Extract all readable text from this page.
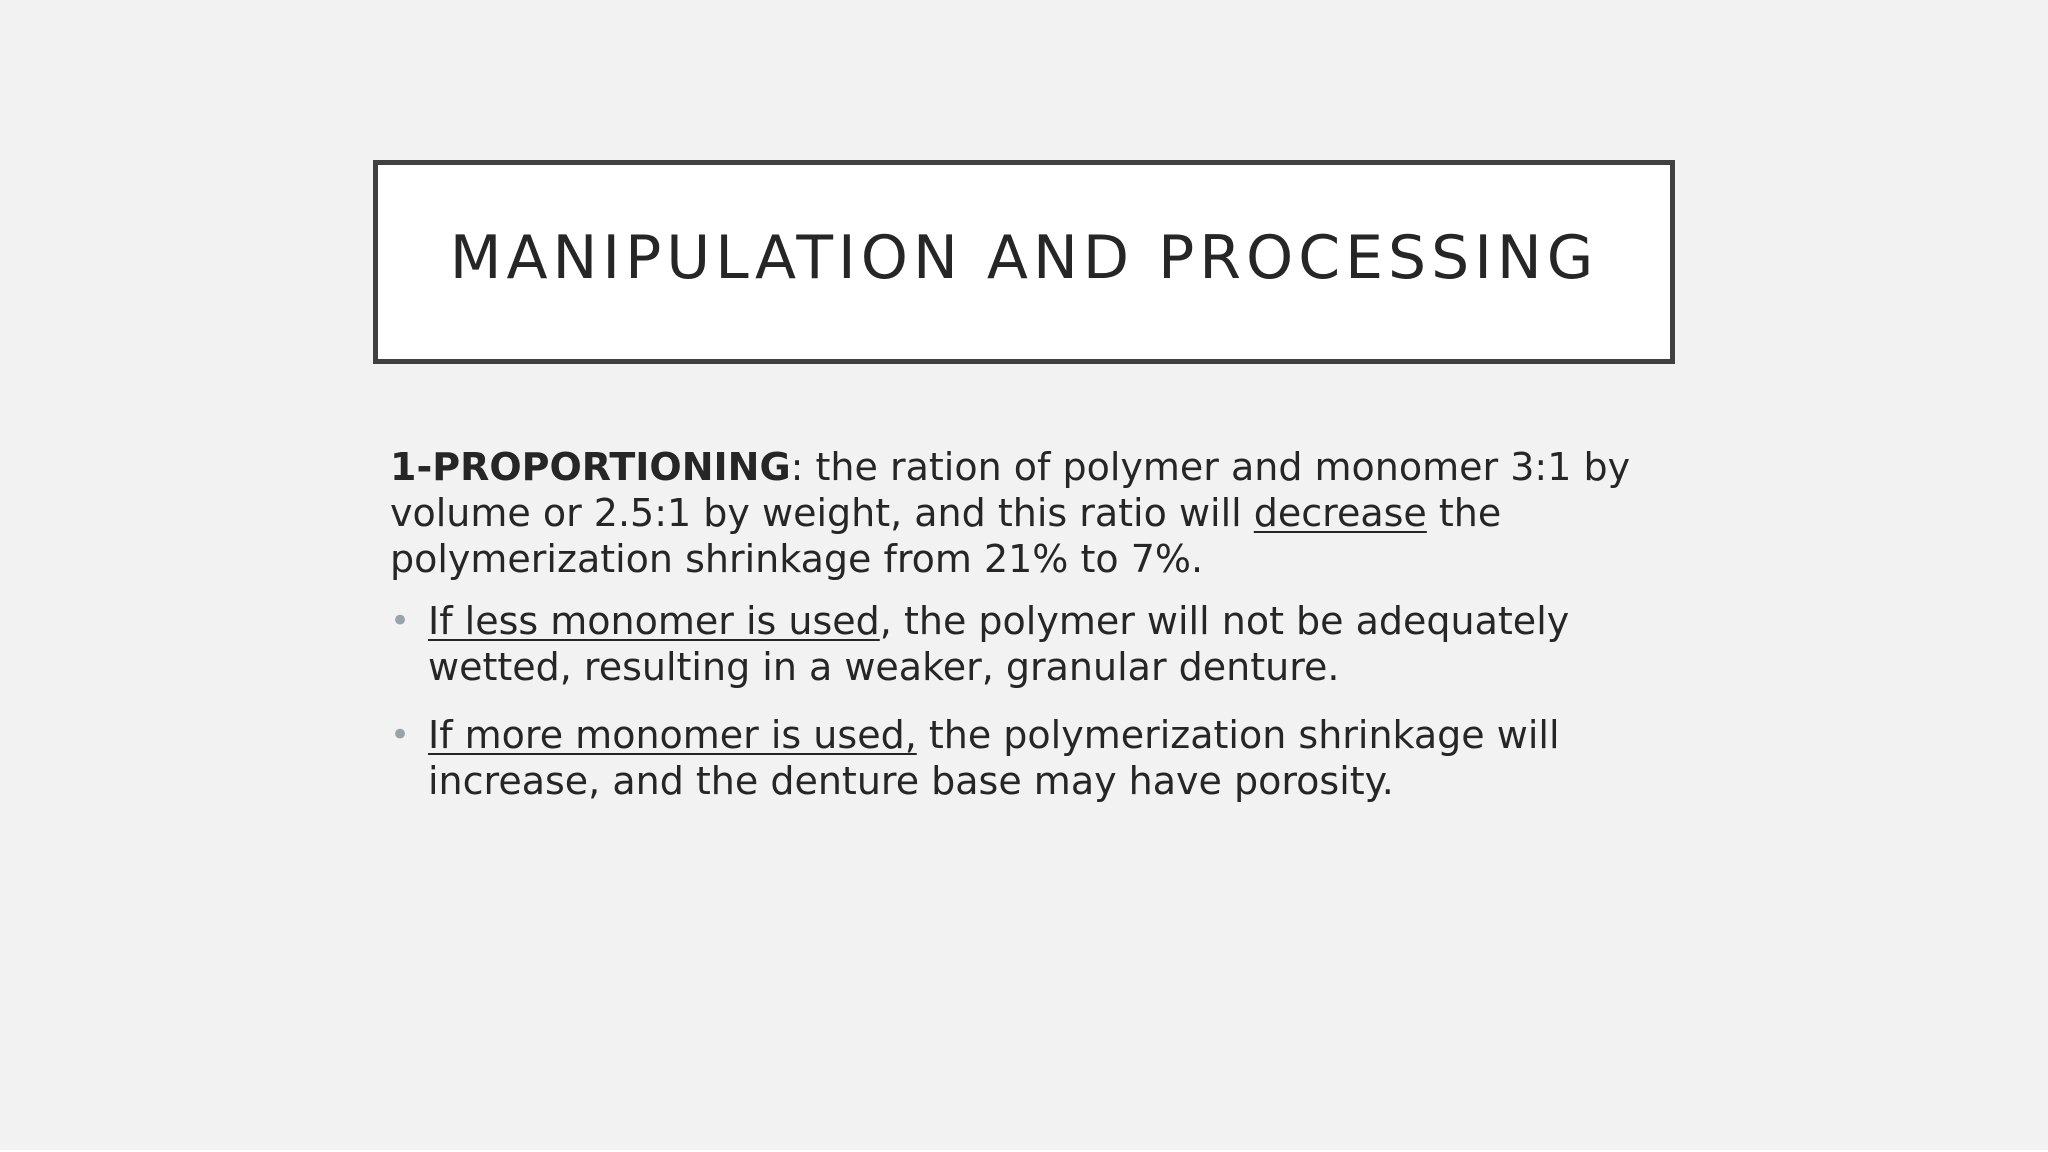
MANIPULATION AND PROCESSING

1-PROPORTIONING: the ration of polymer and monomer 3:1 by volume or 2.5:1 by weight, and this ratio will decrease the polymerization shrinkage from 21% to 7%.

• If less monomer is used, the polymer will not be adequately wetted, resulting in a weaker, granular denture.
• If more monomer is used, the polymerization shrinkage will increase, and the denture base may have porosity.
